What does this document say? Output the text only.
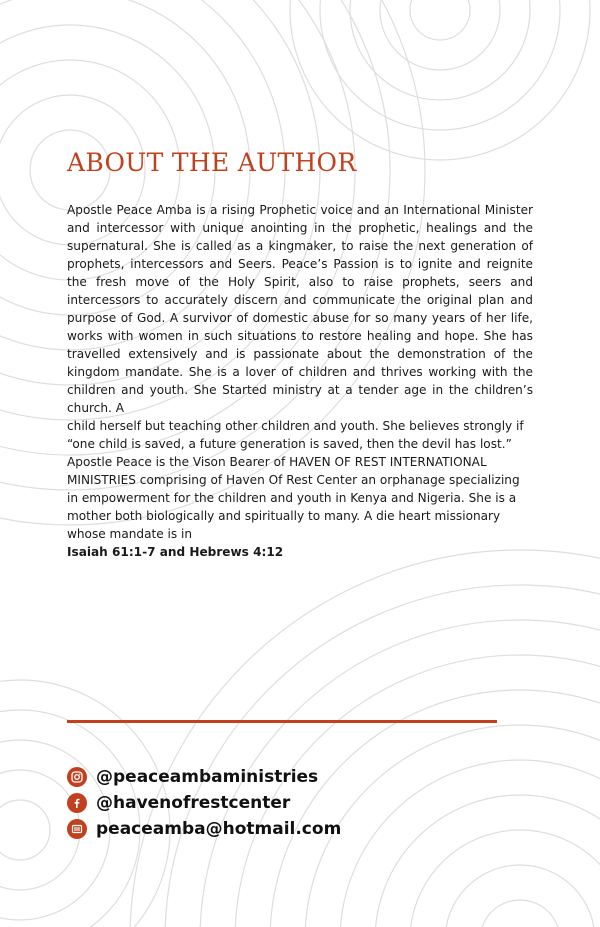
ABOUT THE AUTHOR

Apostle Peace Amba is a rising Prophetic voice and an International Minister and intercessor with unique anointing in the prophetic, healings and the supernatural. She is called as a kingmaker, to raise the next generation of prophets, intercessors and Seers. Peace’s Passion is to ignite and reignite the fresh move of the Holy Spirit, also to raise prophets, seers and intercessors to accurately discern and communicate the original plan and purpose of God. A survivor of domestic abuse for so many years of her life, works with women in such situations to restore healing and hope. She has travelled extensively and is passionate about the demonstration of the kingdom mandate. She is a lover of children and thrives working with the children and youth. She Started ministry at a tender age in the children’s church. A

child herself but teaching other children and youth. She believes strongly if “one child is saved, a future generation is saved, then the devil has lost.” Apostle Peace is the Vison Bearer of HAVEN OF REST INTERNATIONAL MINISTRIES comprising of Haven Of Rest Center an orphanage specializing in empowerment for the children and youth in Kenya and Nigeria. She is a mother both biologically and spiritually to many. A die heart missionary whose mandate is in

Isaiah 61:1-7 and Hebrews 4:12

@peaceambaministries
@havenofrestcenter
peaceamba@hotmail.com
